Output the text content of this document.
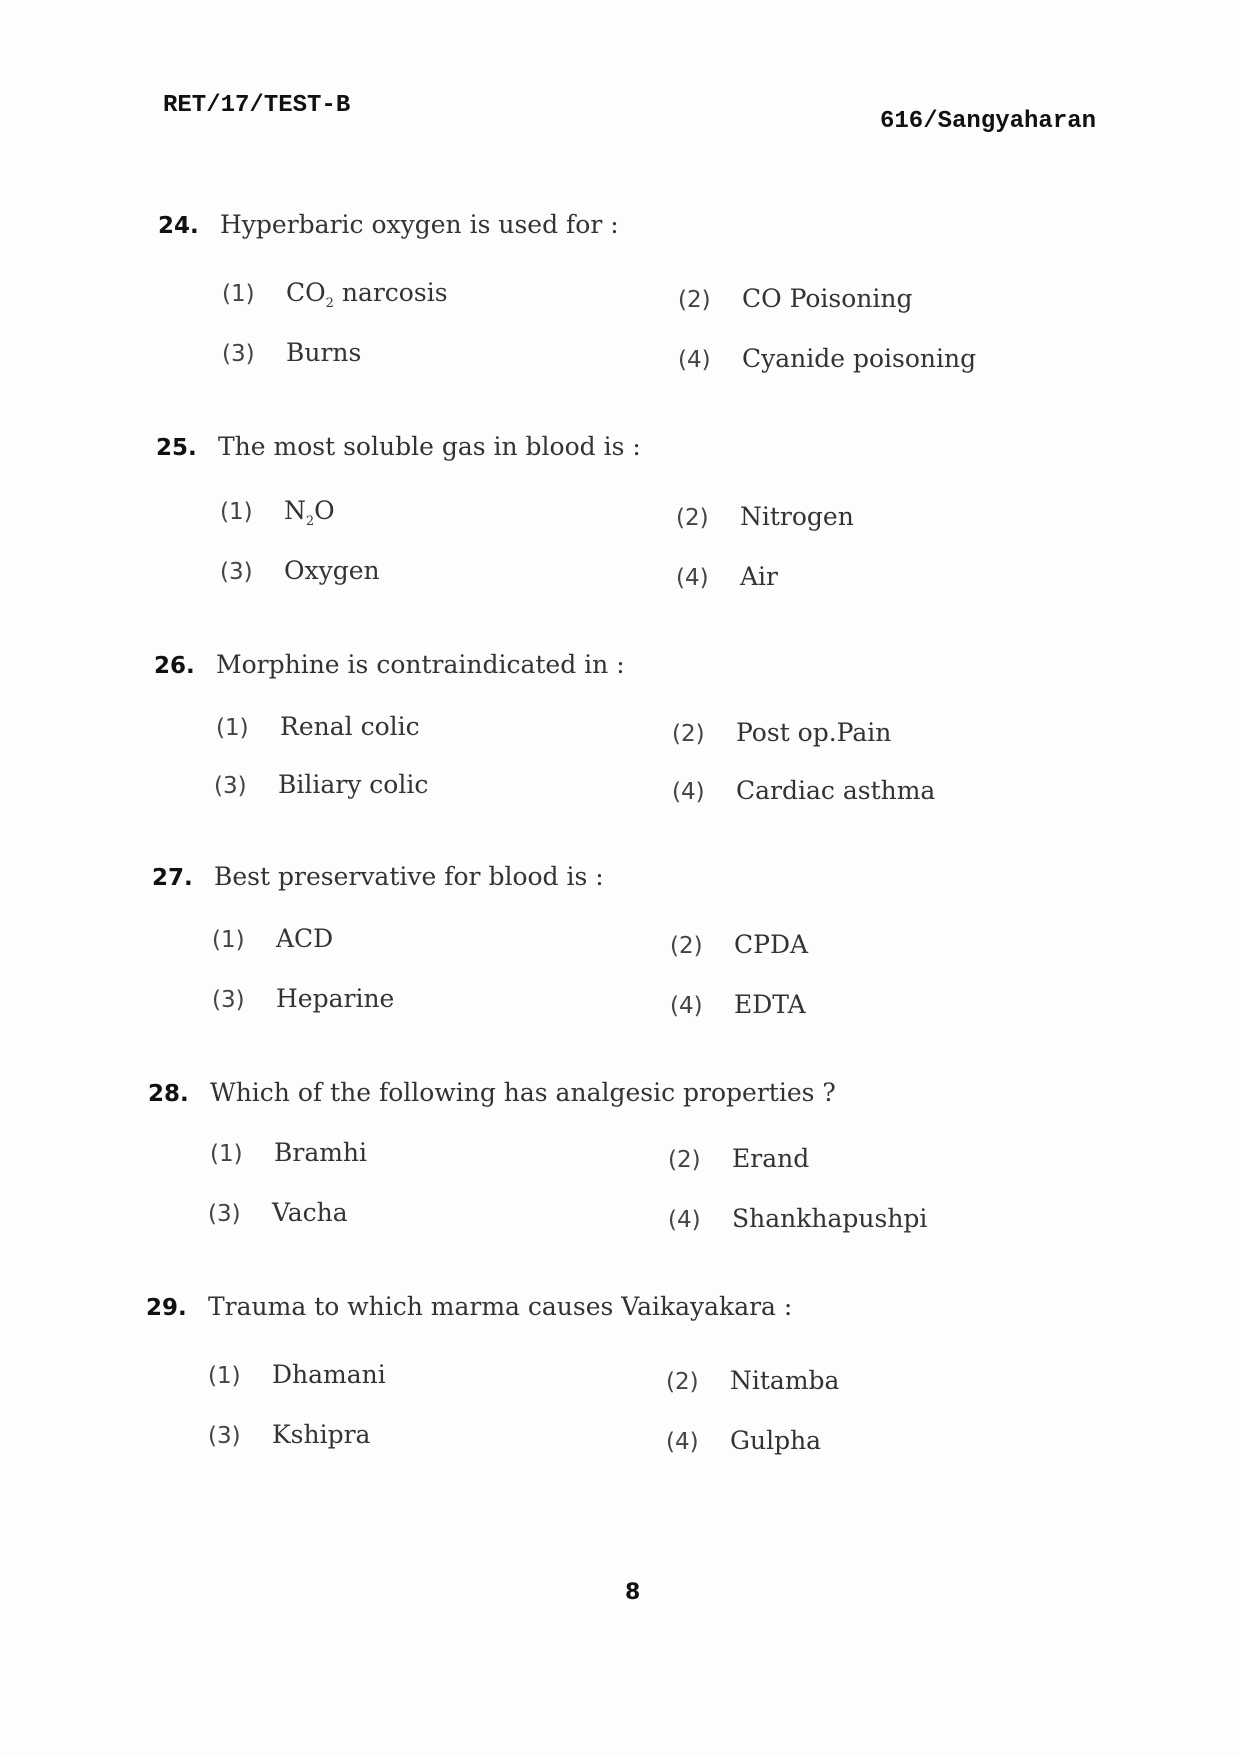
RET/17/TEST-B
616/Sangyaharan
24. Hyperbaric oxygen is used for :
(1) $CO_2$ narcosis	(2) CO Poisoning
(3) Burns	(4) Cyanide poisoning
25. The most soluble gas in blood is :
(1) $N_2O$	(2) Nitrogen
(3) Oxygen	(4) Air
26. Morphine is contraindicated in :
(1) Renal colic	(2) Post op.Pain
(3) Biliary colic	(4) Cardiac asthma
27. Best preservative for blood is :
(1) ACD	(2) CPDA
(3) Heparine	(4) EDTA
28. Which of the following has analgesic properties ?
(1) Bramhi	(2) Erand
(3) Vacha	(4) Shankhapushpi
29. Trauma to which marma causes Vaikayakara :
(1) Dhamani	(2) Nitamba
(3) Kshipra	(4) Gulpha
8
